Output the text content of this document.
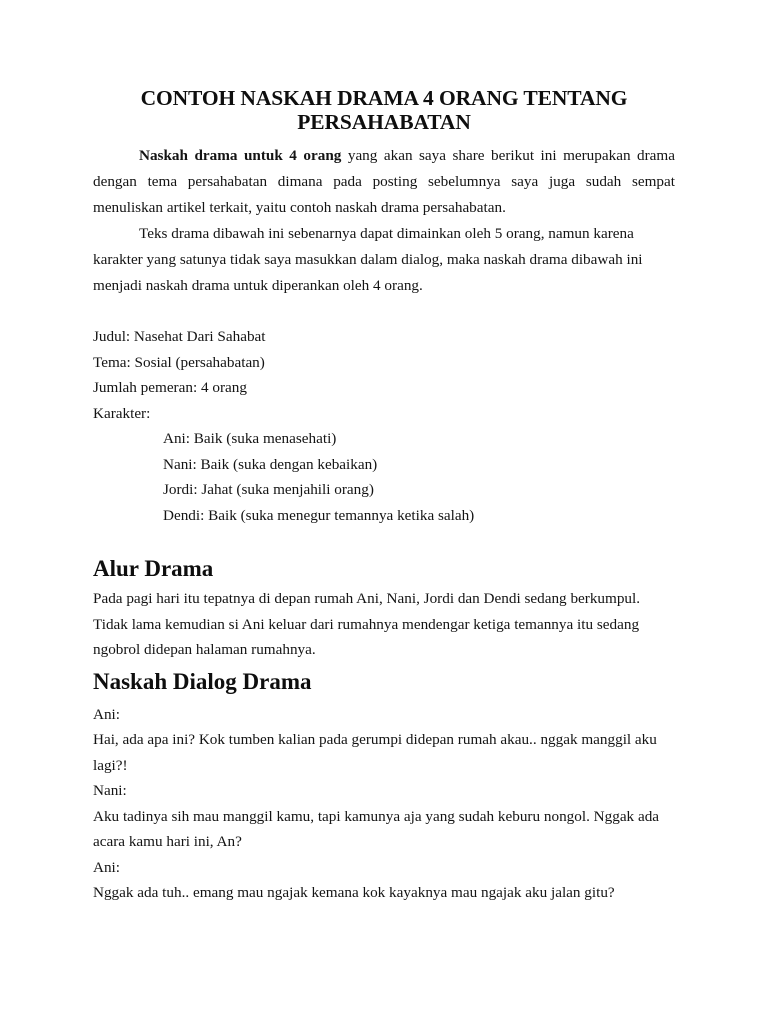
CONTOH NASKAH DRAMA 4 ORANG TENTANG PERSAHABATAN

Naskah drama untuk 4 orang yang akan saya share berikut ini merupakan drama dengan tema persahabatan dimana pada posting sebelumnya saya juga sudah sempat menuliskan artikel terkait, yaitu contoh naskah drama persahabatan.

Teks drama dibawah ini sebenarnya dapat dimainkan oleh 5 orang, namun karena karakter yang satunya tidak saya masukkan dalam dialog, maka naskah drama dibawah ini menjadi naskah drama untuk diperankan oleh 4 orang.

Judul: Nasehat Dari Sahabat
Tema: Sosial (persahabatan)
Jumlah pemeran: 4 orang
Karakter:
Ani: Baik (suka menasehati)
Nani: Baik (suka dengan kebaikan)
Jordi: Jahat (suka menjahili orang)
Dendi: Baik (suka menegur temannya ketika salah)
Alur Drama
Pada pagi hari itu tepatnya di depan rumah Ani, Nani, Jordi dan Dendi sedang berkumpul.
Tidak lama kemudian si Ani keluar dari rumahnya mendengar ketiga temannya itu sedang
ngobrol didepan halaman rumahnya.
Naskah Dialog Drama
Ani:
Hai, ada apa ini? Kok tumben kalian pada gerumpi didepan rumah akau.. nggak manggil aku
lagi?!
Nani:
Aku tadinya sih mau manggil kamu, tapi kamunya aja yang sudah keburu nongol. Nggak ada
acara kamu hari ini, An?
Ani:
Nggak ada tuh.. emang mau ngajak kemana kok kayaknya mau ngajak aku jalan gitu?
